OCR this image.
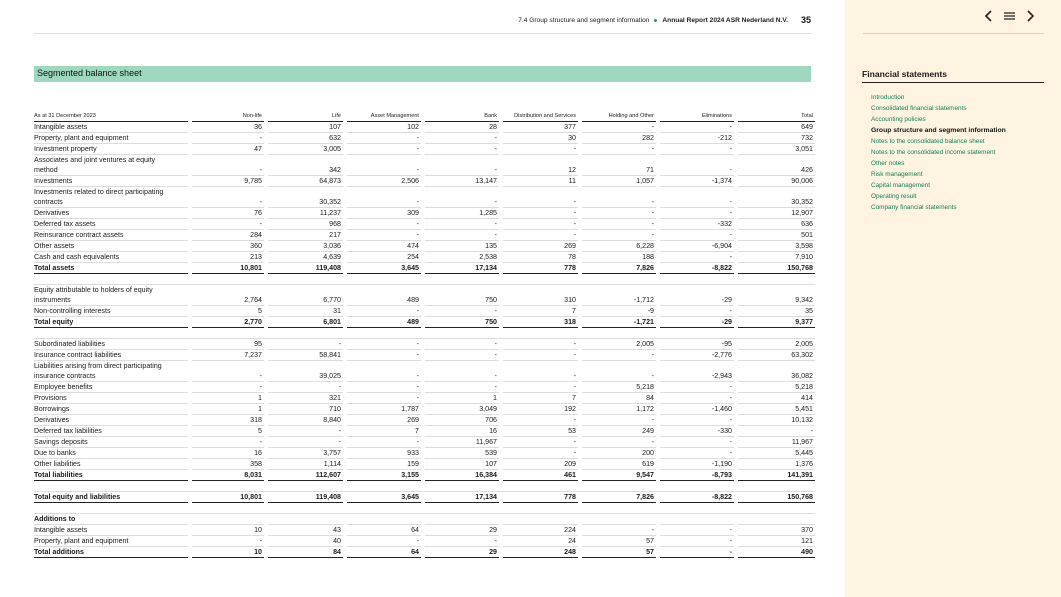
7.4 Group structure and segment information Annual Report 2024 ASR Nederland N.V. 35
Segmented balance sheet
As at 31 December 2023		Non-life		Life		Asset Management		Bank		Distribution and Services		Holding and Other		Eliminations		Total
Intangible assets		36		107		102		28		377		-		-		649
Property, plant and equipment		-		632		-		-		30		282		-212		732
Investment property		47		3,005		-		-		-		-		-		3,051
Associates and joint ventures at equity
method		-		342		-		-		12		71		-		426
Investments		9,785		64,873		2,506		13,147		11		1,057		-1,374		90,006
Investments related to direct participating
contracts		-		30,352		-		-		-		-		-		30,352
Derivatives		76		11,237		309		1,285		-		-		-		12,907
Deferred tax assets		-		968		-		-		-		-		-332		636
Reinsurance contract assets		284		217		-		-		-		-		-		501
Other assets		360		3,036		474		135		269		6,228		-6,904		3,598
Cash and cash equivalents		213		4,639		254		2,538		78		188		-		7,910
Total assets		10,801		119,408		3,645		17,134		778		7,826		-8,822		150,768

Equity attributable to holders of equity
instruments		2,764		6,770		489		750		310		-1,712		-29		9,342
Non-controlling interests		5		31		-		-		7		-9		-		35
Total equity		2,770		6,801		489		750		318		-1,721		-29		9,377

Subordinated liabilities		95		-		-		-		-		2,005		-95		2,005
Insurance contract liabilities		7,237		58,841		-		-		-		-		-2,776		63,302
Liabilities arising from direct participating
insurance contracts		-		39,025		-		-		-		-		-2,943		36,082
Employee benefits		-		-		-		-		-		5,218		-		5,218
Provisions		1		321		-		1		7		84		-		414
Borrowings		1		710		1,787		3,049		192		1,172		-1,460		5,451
Derivatives		318		8,840		269		706		-		-		-		10,132
Deferred tax liabilities		5		-		7		16		53		249		-330		-
Savings deposits		-		-		-		11,967		-		-		-		11,967
Due to banks		16		3,757		933		539		-		200		-		5,445
Other liabilities		358		1,114		159		107		209		619		-1,190		1,376
Total liabilities		8,031		112,607		3,155		16,384		461		9,547		-8,793		141,391

Total equity and liabilities		10,801		119,408		3,645		17,134		778		7,826		-8,822		150,768

Additions to																
Intangible assets		10		43		64		29		224		-		-		370
Property, plant and equipment		-		40		-		-		24		57		-		121
Total additions		10		84		64		29		248		57		-		490
Financial statements
Introduction
Consolidated financial statements
Accounting policies
Group structure and segment information
Notes to the consolidated balance sheet
Notes to the consolidated income statement
Other notes
Risk management
Capital management
Operating result
Company financial statements
